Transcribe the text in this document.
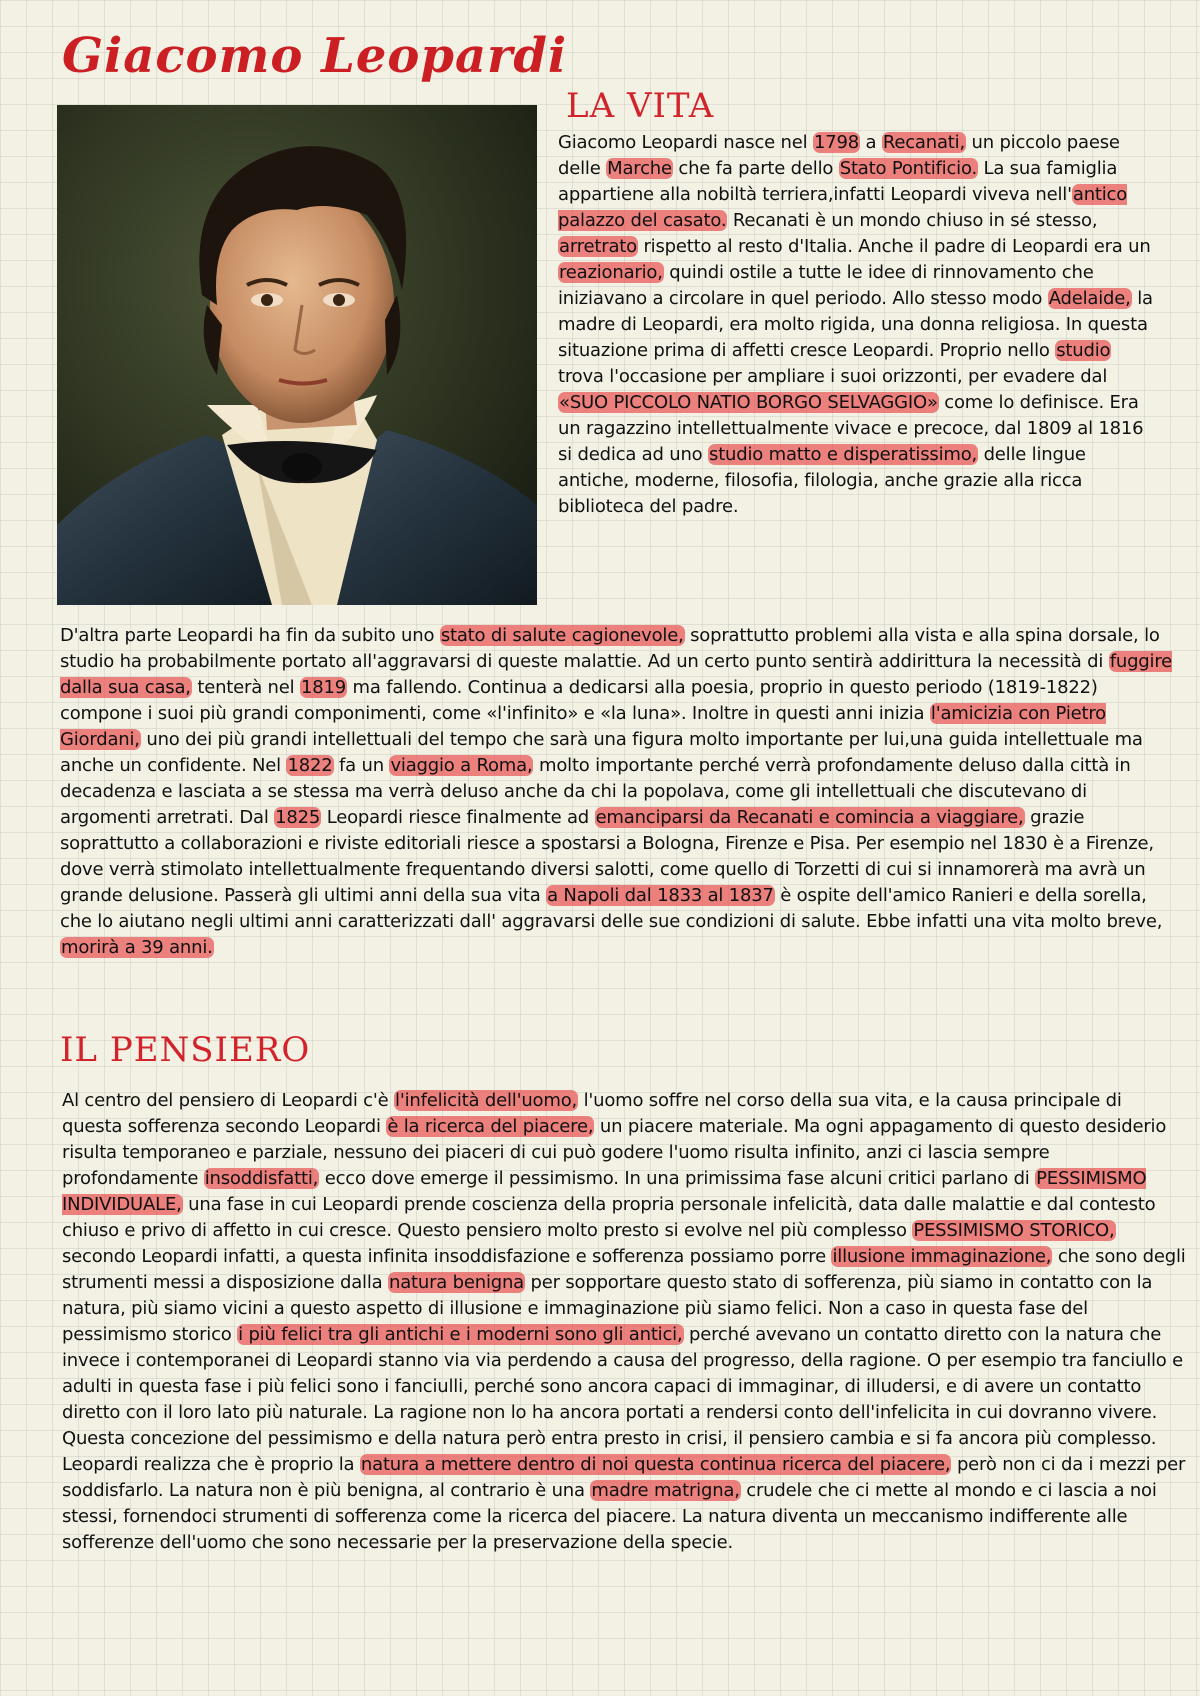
Giacomo Leopardi
LA VITA

Giacomo Leopardi nasce nel 1798 a Recanati, un piccolo paese delle Marche che fa parte dello Stato Pontificio. La sua famiglia appartiene alla nobiltà terriera,infatti Leopardi viveva nell'antico palazzo del casato. Recanati è un mondo chiuso in sé stesso, arretrato rispetto al resto d'Italia. Anche il padre di Leopardi era un reazionario, quindi ostile a tutte le idee di rinnovamento che iniziavano a circolare in quel periodo. Allo stesso modo Adelaide, la madre di Leopardi, era molto rigida, una donna religiosa. In questa situazione prima di affetti cresce Leopardi. Proprio nello studio trova l'occasione per ampliare i suoi orizzonti, per evadere dal «SUO PICCOLO NATIO BORGO SELVAGGIO» come lo definisce. Era un ragazzino intellettualmente vivace e precoce, dal 1809 al 1816 si dedica ad uno studio matto e disperatissimo, delle lingue antiche, moderne, filosofia, filologia, anche grazie alla ricca biblioteca del padre.

D'altra parte Leopardi ha fin da subito uno stato di salute cagionevole, soprattutto problemi alla vista e alla spina dorsale, lo studio ha probabilmente portato all'aggravarsi di queste malattie. Ad un certo punto sentirà addirittura la necessità di fuggire dalla sua casa, tenterà nel 1819 ma fallendo. Continua a dedicarsi alla poesia, proprio in questo periodo (1819-1822) compone i suoi più grandi componimenti, come «l'infinito» e «la luna». Inoltre in questi anni inizia l'amicizia con Pietro Giordani, uno dei più grandi intellettuali del tempo che sarà una figura molto importante per lui,una guida intellettuale ma anche un confidente. Nel 1822 fa un viaggio a Roma, molto importante perché verrà profondamente deluso dalla città in decadenza e lasciata a se stessa ma verrà deluso anche da chi la popolava, come gli intellettuali che discutevano di argomenti arretrati. Dal 1825 Leopardi riesce finalmente ad emanciparsi da Recanati e comincia a viaggiare, grazie soprattutto a collaborazioni e riviste editoriali riesce a spostarsi a Bologna, Firenze e Pisa. Per esempio nel 1830 è a Firenze, dove verrà stimolato intellettualmente frequentando diversi salotti, come quello di Torzetti di cui si innamorerà ma avrà un grande delusione. Passerà gli ultimi anni della sua vita a Napoli dal 1833 al 1837 è ospite dell'amico Ranieri e della sorella, che lo aiutano negli ultimi anni caratterizzati dall' aggravarsi delle sue condizioni di salute. Ebbe infatti una vita molto breve, morirà a 39 anni.

IL PENSIERO

Al centro del pensiero di Leopardi c'è l'infelicità dell'uomo, l'uomo soffre nel corso della sua vita, e la causa principale di questa sofferenza secondo Leopardi è la ricerca del piacere, un piacere materiale. Ma ogni appagamento di questo desiderio risulta temporaneo e parziale, nessuno dei piaceri di cui può godere l'uomo risulta infinito, anzi ci lascia sempre profondamente insoddisfatti, ecco dove emerge il pessimismo. In una primissima fase alcuni critici parlano di PESSIMISMO INDIVIDUALE, una fase in cui Leopardi prende coscienza della propria personale infelicità, data dalle malattie e dal contesto chiuso e privo di affetto in cui cresce. Questo pensiero molto presto si evolve nel più complesso PESSIMISMO STORICO, secondo Leopardi infatti, a questa infinita insoddisfazione e sofferenza possiamo porre illusione immaginazione, che sono degli strumenti messi a disposizione dalla natura benigna per sopportare questo stato di sofferenza, più siamo in contatto con la natura, più siamo vicini a questo aspetto di illusione e immaginazione più siamo felici. Non a caso in questa fase del pessimismo storico i più felici tra gli antichi e i moderni sono gli antici, perché avevano un contatto diretto con la natura che invece i contemporanei di Leopardi stanno via via perdendo a causa del progresso, della ragione. O per esempio tra fanciullo e adulti in questa fase i più felici sono i fanciulli, perché sono ancora capaci di immaginar, di illudersi, e di avere un contatto diretto con il loro lato più naturale. La ragione non lo ha ancora portati a rendersi conto dell'infelicita in cui dovranno vivere. Questa concezione del pessimismo e della natura però entra presto in crisi, il pensiero cambia e si fa ancora più complesso. Leopardi realizza che è proprio la natura a mettere dentro di noi questa continua ricerca del piacere, però non ci da i mezzi per soddisfarlo. La natura non è più benigna, al contrario è una madre matrigna, crudele che ci mette al mondo e ci lascia a noi stessi, fornendoci strumenti di sofferenza come la ricerca del piacere. La natura diventa un meccanismo indifferente alle sofferenze dell'uomo che sono necessarie per la preservazione della specie.
